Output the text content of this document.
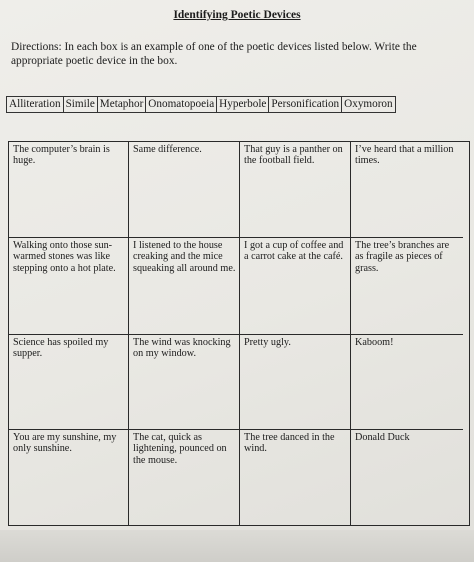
Identifying Poetic Devices
Directions: In each box is an example of one of the poetic devices listed below. Write the appropriate poetic device in the box.
Alliteration Simile Metaphor Onomatopoeia Hyperbole Personification Oxymoron
The computer’s brain is huge.
Same difference.	That guy is a panther on the football field.
I’ve heard that a million times.
Walking onto those sun-warmed stones was like stepping onto a hot plate.
I listened to the house creaking and the mice squeaking all around me.
I got a cup of coffee and a carrot cake at the café.
The tree’s branches are as fragile as pieces of grass.
Science has spoiled my supper.
The wind was knocking on my window.
Pretty ugly.	Kaboom!
You are my sunshine, my only sunshine.
The cat, quick as lightening, pounced on the mouse.
The tree danced in the wind.
Donald Duck
